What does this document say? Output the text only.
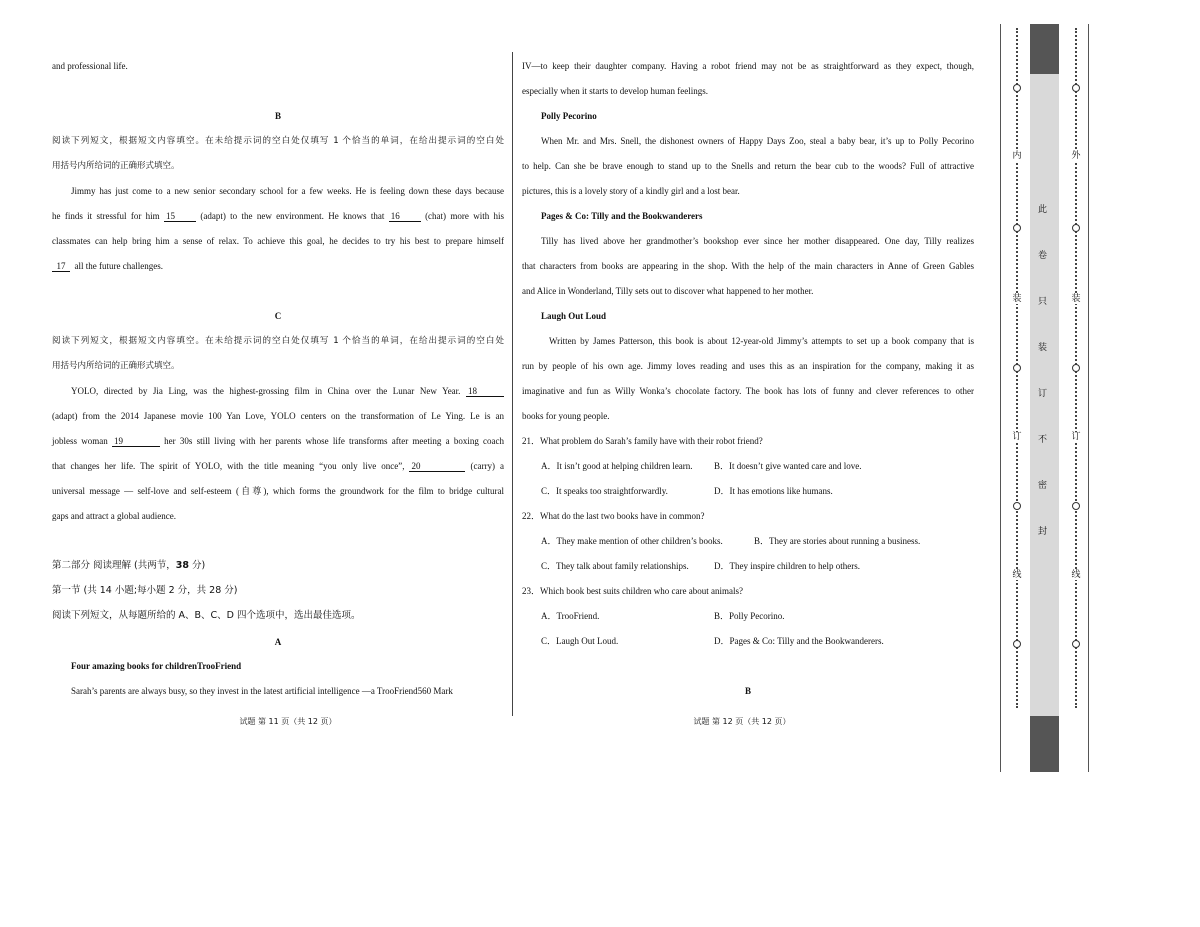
and professional life.
B
阅读下列短文，根据短文内容填空。在未给提示词的空白处仅填写 1 个恰当的单词，在给出提示词的空白处
用括号内所给词的正确形式填空。
Jimmy has just come to a new senior secondary school for a few weeks. He is feeling down these days because
he finds it stressful for him 15	(adapt) to the new environment. He knows that 16	(chat) more with his
classmates can help bring him a sense of relax. To achieve this goal, he decides to try his best to prepare himself
17 all the future challenges.
C
阅读下列短文，根据短文内容填空。在未给提示词的空白处仅填写 1 个恰当的单词，在给出提示词的空白处
用括号内所给词的正确形式填空。
YOLO, directed by Jia Ling, was the highest-grossing film in China over the Lunar New Year. 18
(adapt) from the 2014 Japanese movie 100 Yan Love, YOLO centers on the transformation of Le Ying. Le is an
jobless woman 19	her 30s still living with her parents whose life transforms after meeting a boxing coach
that changes her life. The spirit of YOLO, with the title meaning “you only live once”, 20	(carry) a
universal message — self-love and self-esteem (自尊), which forms the groundwork for the film to bridge cultural
gaps and attract a global audience.
第二部分 阅读理解 (共两节，38 分)
第一节 (共 14 小题;每小题 2 分，共 28 分)
阅读下列短文，从每题所给的 A、B、C、D 四个选项中，选出最佳选项。
A
Four amazing books for childrenTrooFriend
Sarah’s parents are always busy, so they invest in the latest artificial intelligence —a TrooFriend560 Mark
试题 第 11 页（共 12 页）
IV—to keep their daughter company. Having a robot friend may not be as straightforward as they expect, though,
especially when it starts to develop human feelings.
Polly Pecorino
When Mr. and Mrs. Snell, the dishonest owners of Happy Days Zoo, steal a baby bear, it’s up to Polly Pecorino
to help. Can she be brave enough to stand up to the Snells and return the bear cub to the woods? Full of attractive
pictures, this is a lovely story of a kindly girl and a lost bear.
Pages & Co: Tilly and the Bookwanderers
Tilly has lived above her grandmother’s bookshop ever since her mother disappeared. One day, Tilly realizes
that characters from books are appearing in the shop. With the help of the main characters in Anne of Green Gables
and Alice in Wonderland, Tilly sets out to discover what happened to her mother.
Laugh Out Loud
Written by James Patterson, this book is about 12-year-old Jimmy’s attempts to set up a book company that is
run by people of his own age. Jimmy loves reading and uses this as an inspiration for the company, making it as
imaginative and fun as Willy Wonka’s chocolate factory. The book has lots of funny and clever references to other
books for young people.
21．What problem do Sarah’s family have with their robot friend?
A．It isn’t good at helping children learn. B．It doesn’t give wanted care and love.
C．It speaks too straightforwardly.	D．It has emotions like humans.
22．What do the last two books have in common?
A．They make mention of other children’s books.	B．They are stories about running a business.
C．They talk about family relationships.	D．They inspire children to help others.
23．Which book best suits children who care about animals?
A．TrooFriend.	B．Polly Pecorino.
C．Laugh Out Loud.	D．Pages & Co: Tilly and the Bookwanderers.
B
试题 第 12 页（共 12 页）
内
装
订
线
此
卷
只
装
订
不
密
封
外
装
订
线
